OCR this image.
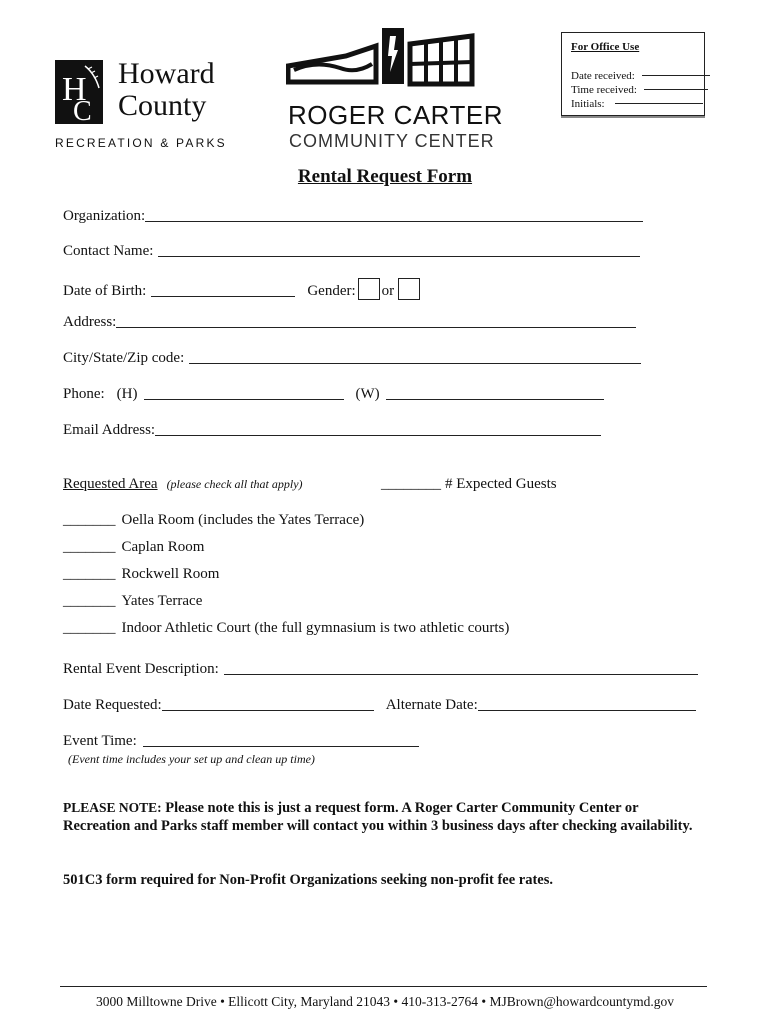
H
C
Howard
County
RECREATION & PARKS
ROGER CARTER
COMMUNITY CENTER
For Office Use
Date received:
Time received:
Initials:
Rental Request Form
Organization:
Contact Name:
Date of Birth:	Gender: or
Address:
City/State/Zip code:
Phone: (H)	(W)
Email Address:
Requested Area (please check all that apply)	________ # Expected Guests
_______ Oella Room (includes the Yates Terrace)
_______ Caplan Room
_______ Rockwell Room
_______ Yates Terrace
_______ Indoor Athletic Court (the full gymnasium is two athletic courts)
Rental Event Description:
Date Requested:	Alternate Date:
Event Time:
(Event time includes your set up and clean up time)
PLEASE NOTE: Please note this is just a request form. A Roger Carter Community Center or Recreation and Parks staff member will contact you within 3 business days after checking availability.
501C3 form required for Non-Profit Organizations seeking non-profit fee rates.
3000 Milltowne Drive • Ellicott City, Maryland 21043 • 410-313-2764 • MJBrown@howardcountymd.gov
